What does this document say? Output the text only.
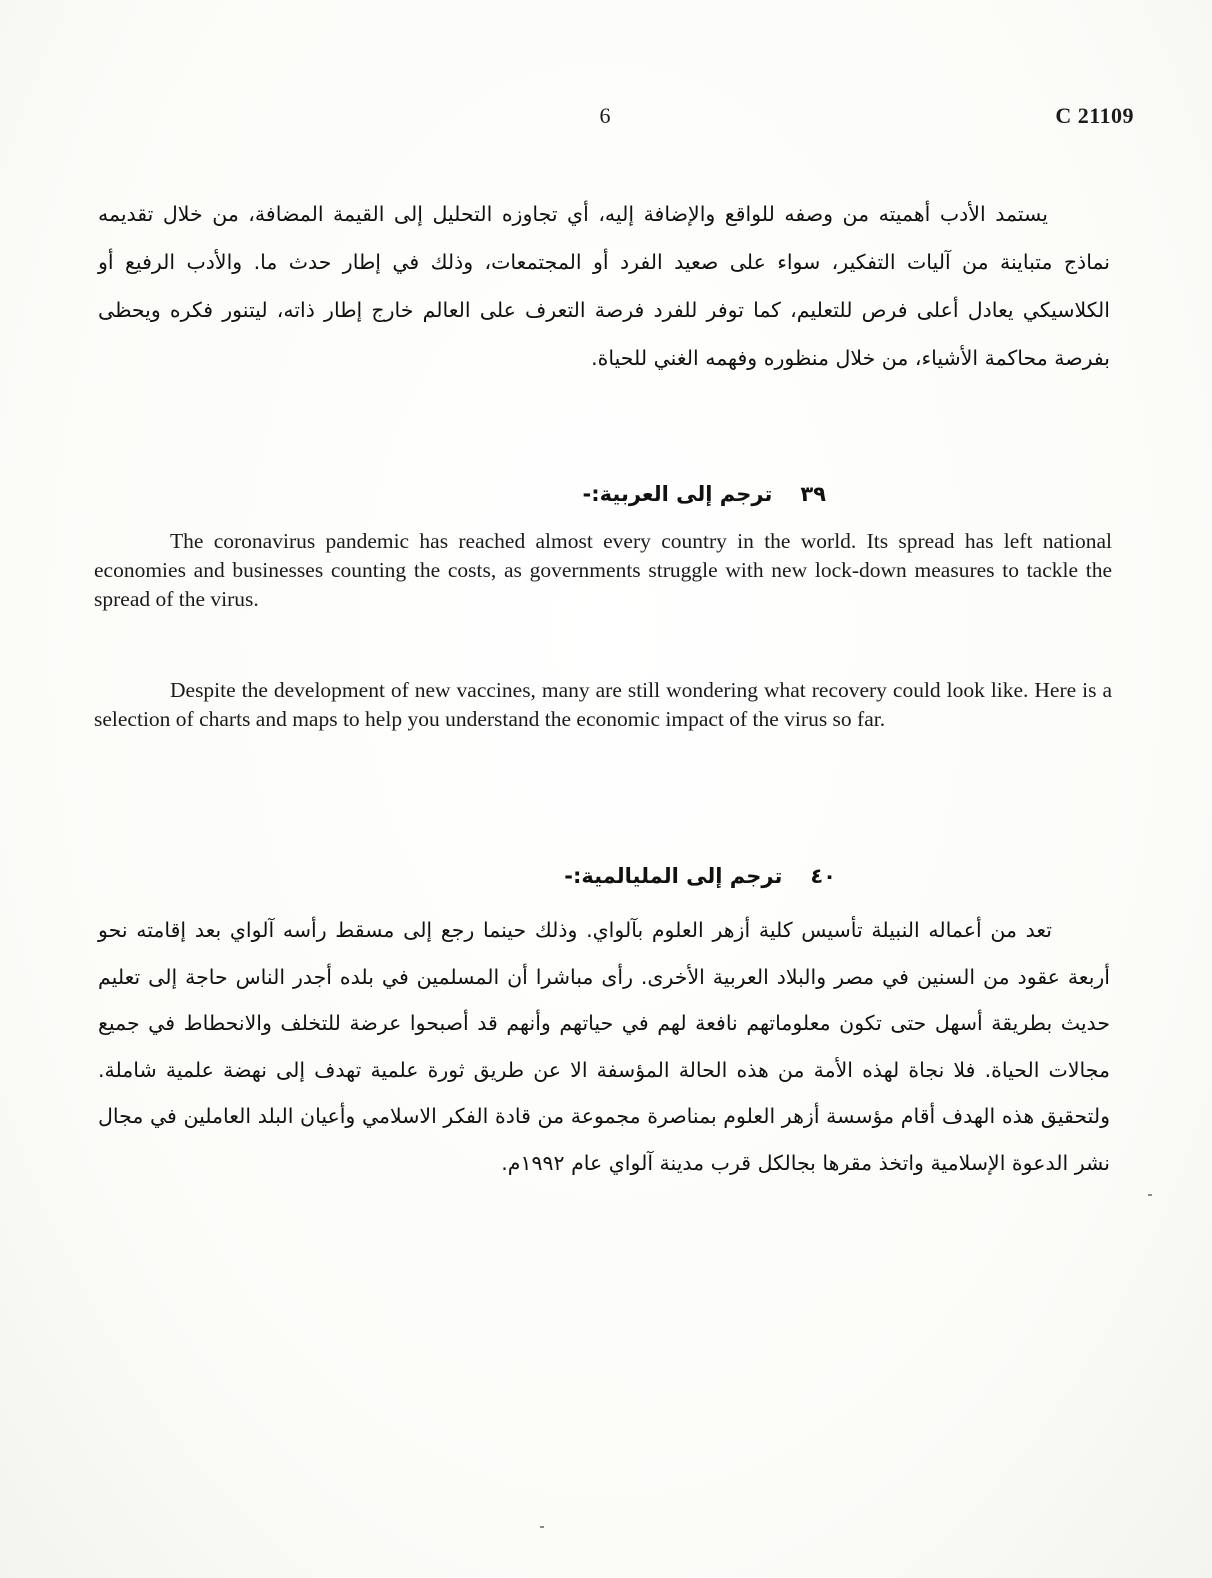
6	C 21109

يستمد الأدب أهميته من وصفه للواقع والإضافة إليه، أي تجاوزه التحليل إلى القيمة المضافة، من خلال تقديمه نماذج متباينة من آليات التفكير، سواء على صعيد الفرد أو المجتمعات، وذلك في إطار حدث ما. والأدب الرفيع أو الكلاسيكي يعادل أعلى فرص للتعليم، كما توفر للفرد فرصة التعرف على العالم خارج إطار ذاته، ليتنور فكره ويحظى بفرصة محاكمة الأشياء، من خلال منظوره وفهمه الغني للحياة.

٣٩ترجم إلى العربية:-

The coronavirus pandemic has reached almost every country in the world. Its spread has left national economies and businesses counting the costs, as governments struggle with new lock-down measures to tackle the spread of the virus.

Despite the development of new vaccines, many are still wondering what recovery could look like. Here is a selection of charts and maps to help you understand the economic impact of the virus so far.

٤٠ترجم إلى المليالمية:-

تعد من أعماله النبيلة تأسيس كلية أزهر العلوم بآلواي. وذلك حينما رجع إلى مسقط رأسه آلواي بعد إقامته نحو أربعة عقود من السنين في مصر والبلاد العربية الأخرى. رأى مباشرا أن المسلمين في بلده أجدر الناس حاجة إلى تعليم حديث بطريقة أسهل حتى تكون معلوماتهم نافعة لهم في حياتهم وأنهم قد أصبحوا عرضة للتخلف والانحطاط في جميع مجالات الحياة. فلا نجاة لهذه الأمة من هذه الحالة المؤسفة الا عن طريق ثورة علمية تهدف إلى نهضة علمية شاملة. ولتحقيق هذه الهدف أقام مؤسسة أزهر العلوم بمناصرة مجموعة من قادة الفكر الاسلامي وأعيان البلد العاملين في مجال نشر الدعوة الإسلامية واتخذ مقرها بجالكل قرب مدينة آلواي عام ١٩٩٢م.
